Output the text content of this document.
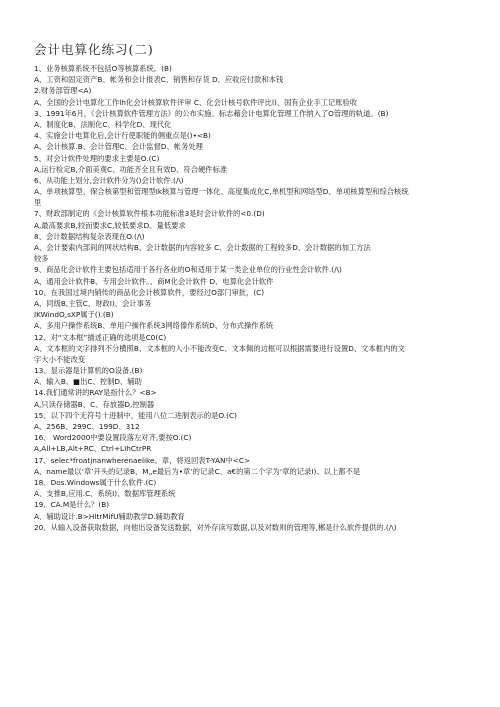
会计电算化练习(二)
1、业务核算系统不包括O等核算系统。(B)
A、工资和固定资产B、帐务和会计报表C、销售和存货 D、应收应付款和本钱
2.财务部管理<A)
A、全国的会计电算化工作lh化会计核算软件评审 C、化会计核号软件评比l)、国有企业手工记账验收
3、1991年6月，《会计核算软件管理方法》的公布实施。标志藉会计电算化管理工作纳入了O管理的轨道。(B)
A、制度化B、法制化C、科学化D、现代化
4、实施会计电算化后,会计行使职能的侧重点是()•<B)
A、会计核算.B、会计管理C、会计监督D、帐务处理
5、对会计软件处理的要求主要是O.(C)
A,运行检定B,介面美观C、功能齐全且有效D、符合硬件标准
6、从功能上划分,会计软件分为()会计软件.(/\)
A、单项核算型、保合核第型和管理型Ik核算与管理一体化、高度集成化C,单机型和网络型D、单项核算型和综合核统
里
7、财政部制定的《会计核算软件根本功能标准3是时会计软件的<0.(D)
A,最高要求B,较而要求C,较低要求D、量低要求
8、会计数据结构复杂表现在O.(/\)
A、会计要索内部间的网状结构B、会计数据的内容较多 C、会计数据的工程较多D、会计数据的加工方法
较多
9、商品化会计软件主要包括适用于各行各业的O和适用于某一类企业单位的行业性会计软件.(/\)
A、通用会计软件B、专用会计软件。、商M化会计软件 D、电算化会计软件
10、在我国过境内销传的商品化会计核算软件，要经过O部门审批，(C)
A、同级B,主管C、财政I)、会计事务
IKWindO,sXP属于().(B)
A、多用户操作系统B、单用户操作系统3网络傣作系统D、分布式操作系统
12、对“文本框”描述正确的选项是C0(C)
A、文本框的文字排列不分横照B、文本框的人小不能改变C、文本佩的边框可以根据需要进行设置D、文本框内的文
字大小不能改变
13、显示器是计算机的O设备.(B)
A、输入B、■出C、控制D、辅助
14.我们通常讲的RAY是指什么？<B>
A,只读存储器B、C、存放器D,控制器
15、以下四个无符号十进制中，能用八位二进制表示的是O.(C)
A、256B、299C、199D、312
16、 Word2000中要设置段落左对齐,要按O.(C)
A,All+LB,Alt+RC、Ctrl+LIhCtrPR
17、selec*froatjnanwherenaelike。章，将返回表T-YAN中<C>
A、name最以‘章’开头的记录B、M„e最后为•章’的记录C、a€的第二个字为‘章的记录I)、以上都不是
18、Dos.Windows属于什么软件.(C)
A、支推B,应用.C、系统I)、数据库管理系统
19、CA.M是什么？(B)
A、辅助设计.B>HltrMifU辅助教学D.辅助教育
20、从输入设备获取数据，向他出设备发送数据，对外存读写数据,以及对数则的管理等,郴是什么软件提供的.(/\)
